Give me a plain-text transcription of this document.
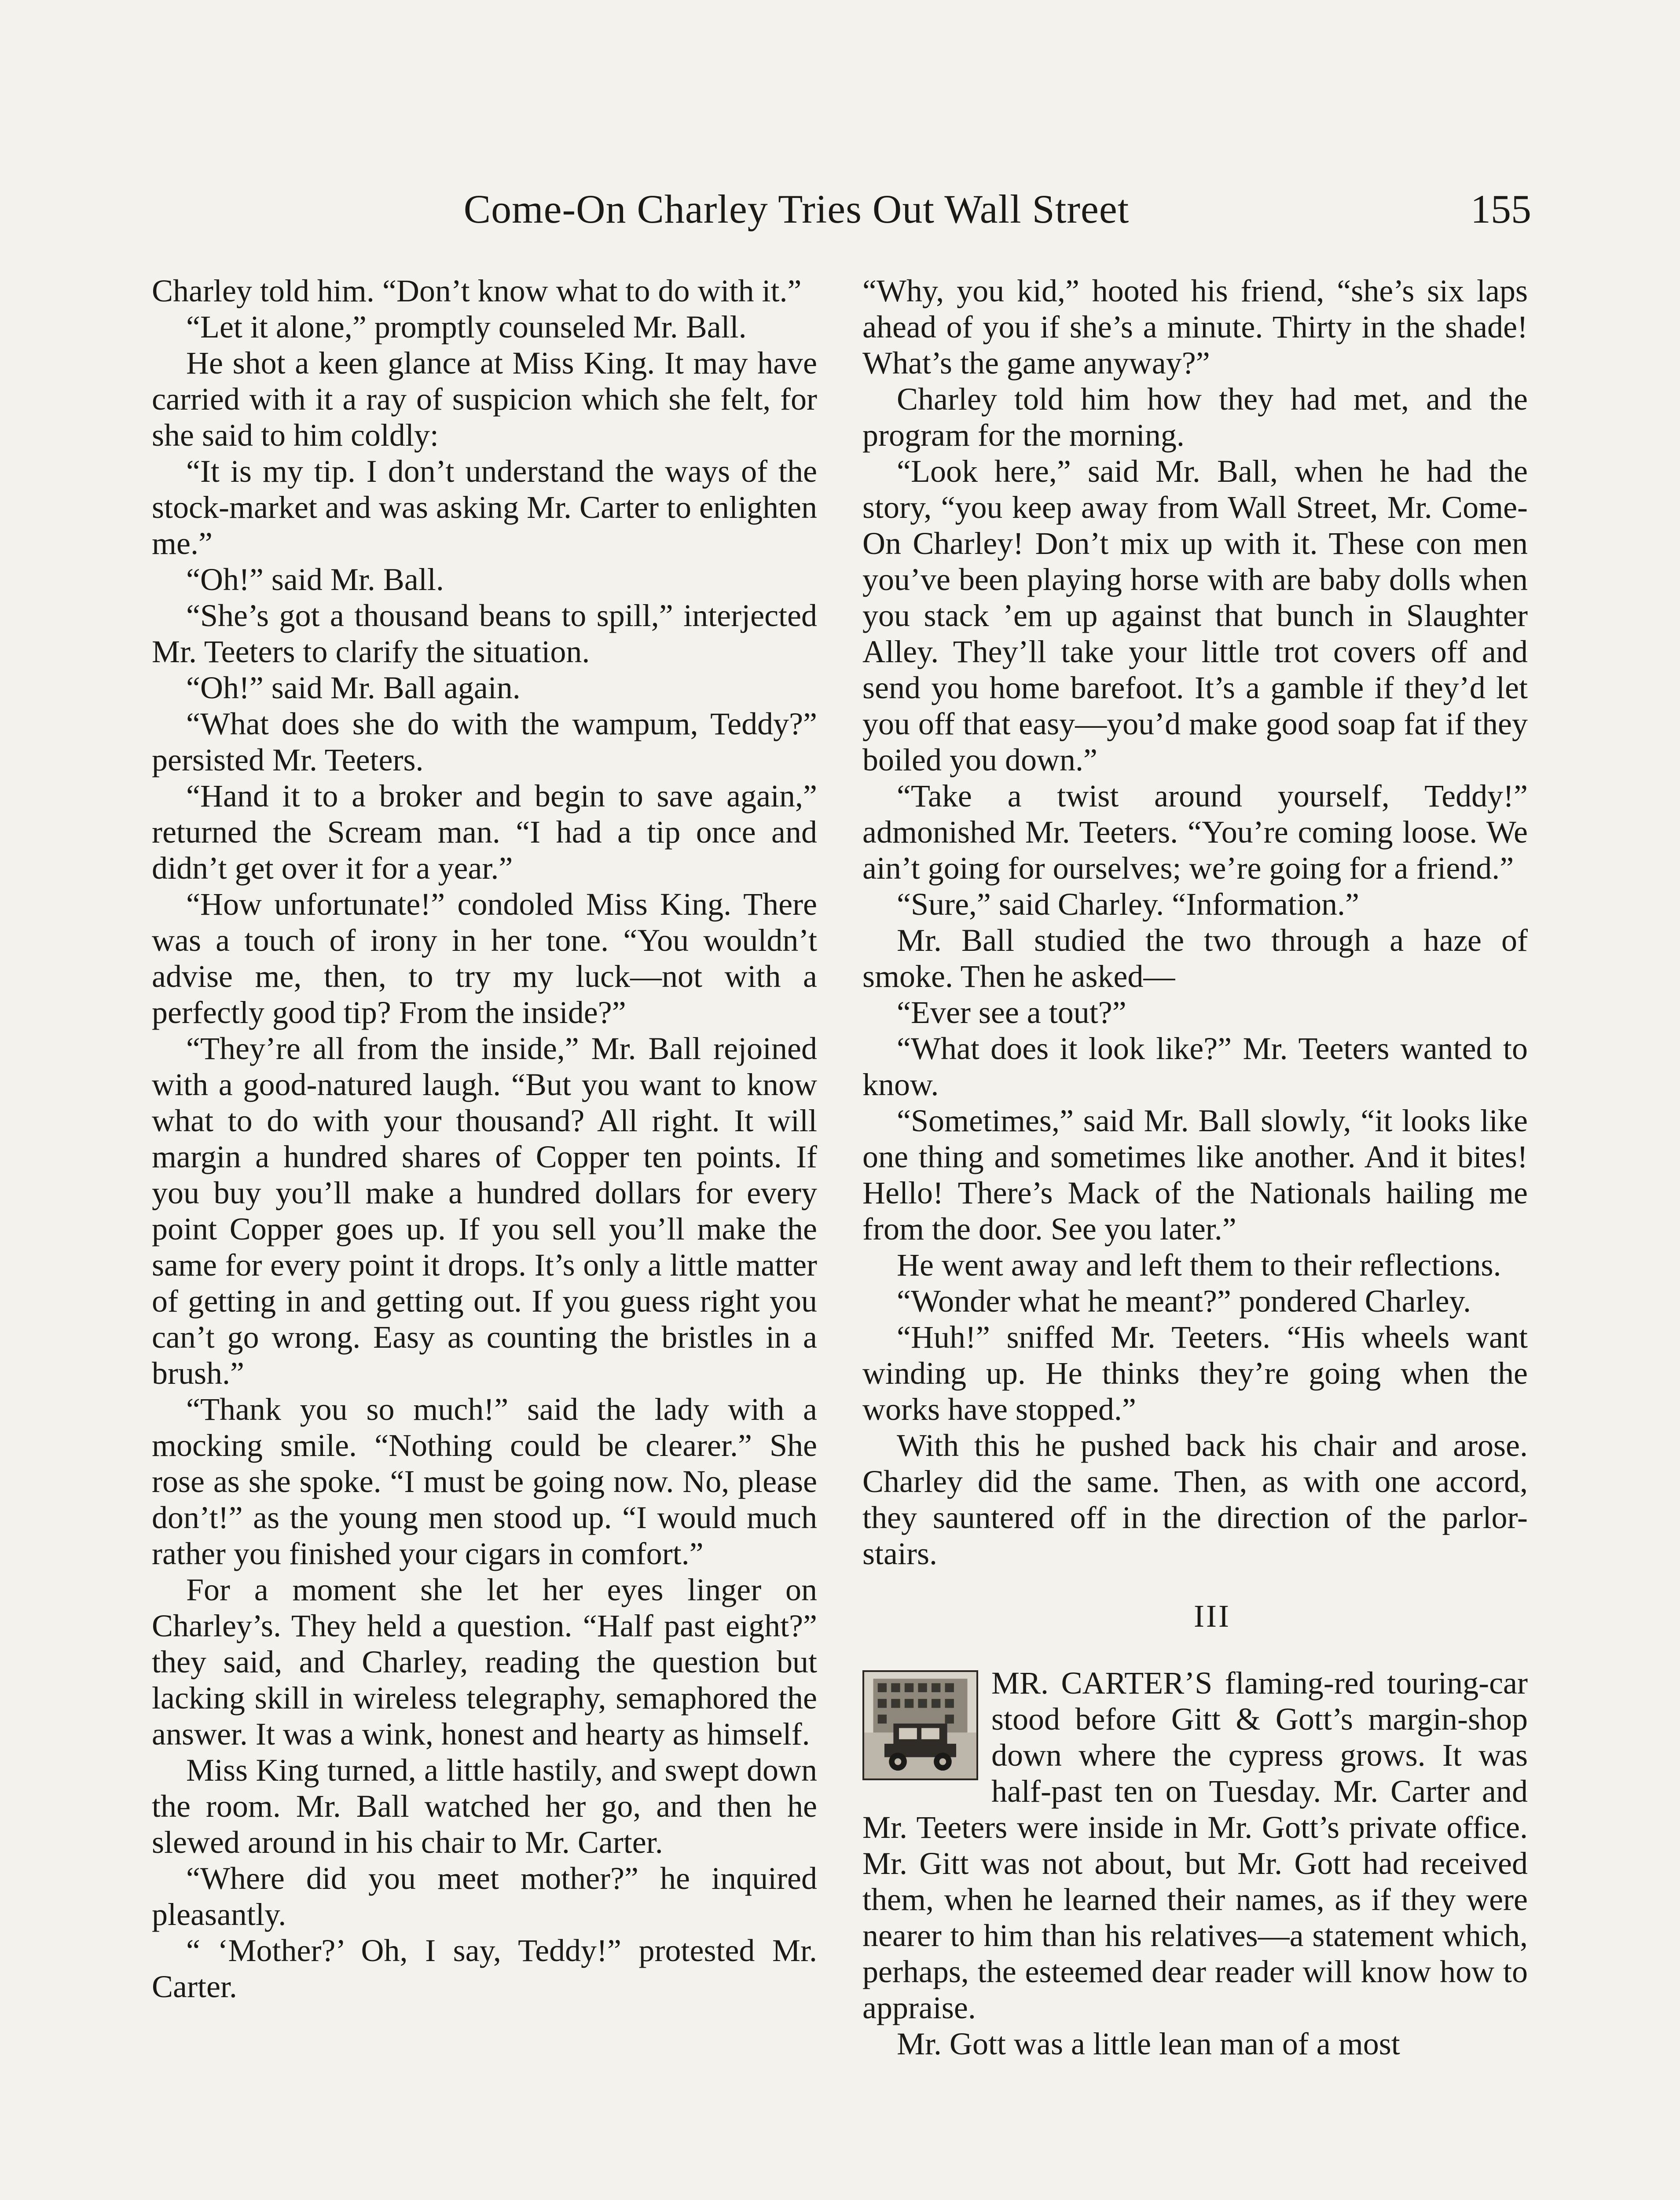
Come-On Charley Tries Out Wall Street	155

Charley told him. “Don’t know what to do with it.”

“Let it alone,” promptly counseled Mr. Ball.

He shot a keen glance at Miss King. It may have carried with it a ray of suspicion which she felt, for she said to him coldly:

“It is my tip. I don’t understand the ways of the stock-market and was asking Mr. Carter to enlighten me.”

“Oh!” said Mr. Ball.

“She’s got a thousand beans to spill,” interjected Mr. Teeters to clarify the situation.

“Oh!” said Mr. Ball again.

“What does she do with the wampum, Teddy?” persisted Mr. Teeters.

“Hand it to a broker and begin to save again,” returned the Scream man. “I had a tip once and didn’t get over it for a year.”

“How unfortunate!” condoled Miss King. There was a touch of irony in her tone. “You wouldn’t advise me, then, to try my luck—not with a perfectly good tip? From the inside?”

“They’re all from the inside,” Mr. Ball rejoined with a good-natured laugh. “But you want to know what to do with your thousand? All right. It will margin a hundred shares of Copper ten points. If you buy you’ll make a hundred dollars for every point Copper goes up. If you sell you’ll make the same for every point it drops. It’s only a little matter of getting in and getting out. If you guess right you can’t go wrong. Easy as counting the bristles in a brush.”

“Thank you so much!” said the lady with a mocking smile. “Nothing could be clearer.” She rose as she spoke. “I must be going now. No, please don’t!” as the young men stood up. “I would much rather you finished your cigars in comfort.”

For a moment she let her eyes linger on Charley’s. They held a question. “Half past eight?” they said, and Charley, reading the question but lacking skill in wireless telegraphy, semaphored the answer. It was a wink, honest and hearty as himself.

Miss King turned, a little hastily, and swept down the room. Mr. Ball watched her go, and then he slewed around in his chair to Mr. Carter.

“Where did you meet mother?” he inquired pleasantly.

“ ‘Mother?’ Oh, I say, Teddy!” protested Mr. Carter.

“Why, you kid,” hooted his friend, “she’s six laps ahead of you if she’s a minute. Thirty in the shade! What’s the game anyway?”

Charley told him how they had met, and the program for the morning.

“Look here,” said Mr. Ball, when he had the story, “you keep away from Wall Street, Mr. Come-On Charley! Don’t mix up with it. These con men you’ve been playing horse with are baby dolls when you stack ’em up against that bunch in Slaughter Alley. They’ll take your little trot covers off and send you home barefoot. It’s a gamble if they’d let you off that easy—you’d make good soap fat if they boiled you down.”

“Take a twist around yourself, Teddy!” admonished Mr. Teeters. “You’re coming loose. We ain’t going for ourselves; we’re going for a friend.”

“Sure,” said Charley. “Information.”

Mr. Ball studied the two through a haze of smoke. Then he asked—

“Ever see a tout?”

“What does it look like?” Mr. Teeters wanted to know.

“Sometimes,” said Mr. Ball slowly, “it looks like one thing and sometimes like another. And it bites! Hello! There’s Mack of the Nationals hailing me from the door. See you later.”

He went away and left them to their reflections.

“Wonder what he meant?” pondered Charley.

“Huh!” sniffed Mr. Teeters. “His wheels want winding up. He thinks they’re going when the works have stopped.”

With this he pushed back his chair and arose. Charley did the same. Then, as with one accord, they sauntered off in the direction of the parlor-stairs.

III

MR. CARTER’S flaming-red touring-car stood before Gitt & Gott’s margin-shop down where the cypress grows. It was half-past ten on Tuesday. Mr. Carter and Mr. Teeters were inside in Mr. Gott’s private office. Mr. Gitt was not about, but Mr. Gott had received them, when he learned their names, as if they were nearer to him than his relatives—a statement which, perhaps, the esteemed dear reader will know how to appraise.

Mr. Gott was a little lean man of a most
